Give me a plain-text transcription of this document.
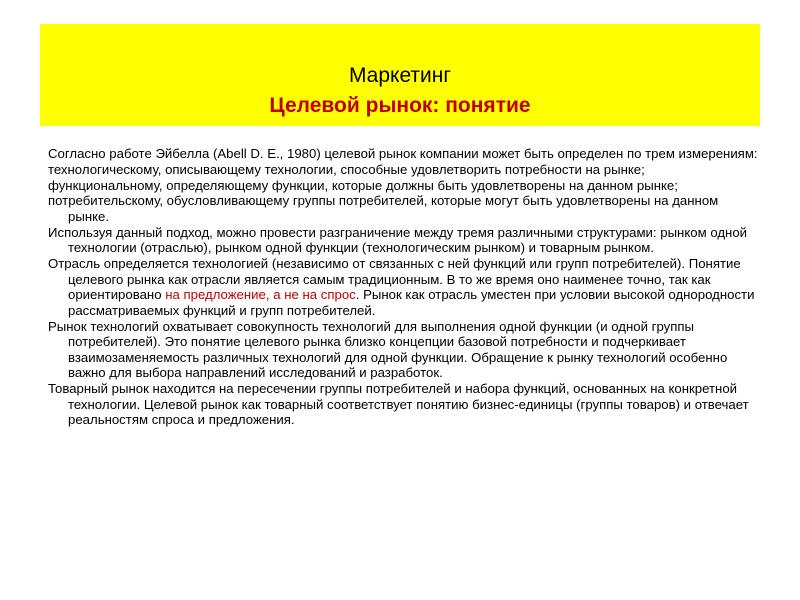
Маркетинг
Целевой рынок: понятие

Согласно работе Эйбелла (Abell D. E., 1980) целевой рынок компании может быть определен по трем измерениям:

технологическому, описывающему технологии, способные удовлетворить потребности на рынке;

функциональному, определяющему функции, которые должны быть удовлетворены на данном рынке;

потребительскому, обусловливающему группы потребителей, которые могут быть удовлетворены на данном рынке.

Используя данный подход, можно провести разграничение между тремя различными структурами: рынком одной технологии (отраслью), рынком одной функции (технологическим рынком) и товарным рынком.

Отрасль определяется технологией (независимо от связанных с ней функций или групп потребителей). Понятие целевого рынка как отрасли является самым традиционным. В то же время оно наименее точно, так как ориентировано на предложение, а не на спрос. Рынок как отрасль уместен при условии высокой однородности рассматриваемых функций и групп потребителей.

Рынок технологий охватывает совокупность технологий для выполнения одной функции (и одной группы потребителей). Это понятие целевого рынка близко концепции базовой потребности и подчеркивает взаимозаменяемость различных технологий для одной функции. Обращение к рынку технологий особенно важно для выбора направлений исследований и разработок.

Товарный рынок находится на пересечении группы потребителей и набора функций, основанных на конкретной технологии. Целевой рынок как товарный соответствует понятию бизнес-единицы (группы товаров) и отвечает реальностям спроса и предложения.
